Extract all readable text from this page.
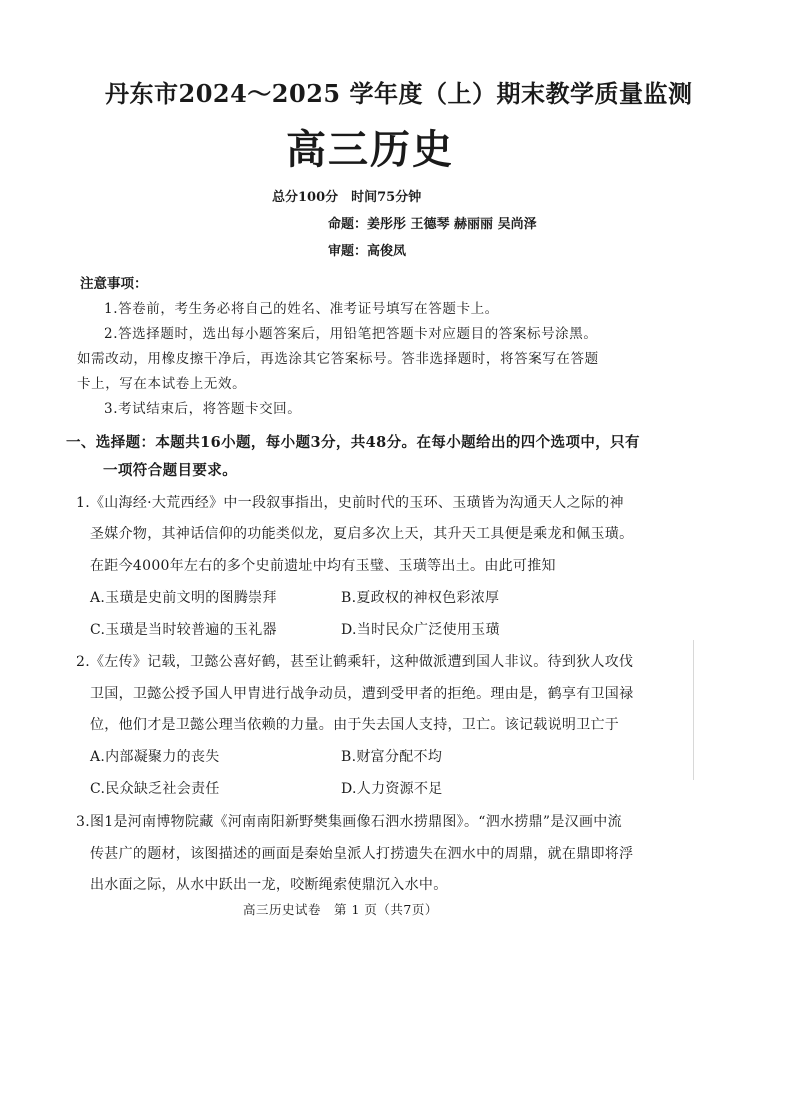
丹东市2024～2025 学年度（上）期末教学质量监测
高三历史
总分100分　时间75分钟
命题：姜彤彤 王德琴 赫丽丽 吴尚泽
审题：高俊凤
注意事项：
1.答卷前，考生务必将自己的姓名、准考证号填写在答题卡上。
2.答选择题时，选出每小题答案后，用铅笔把答题卡对应题目的答案标号涂黑。
如需改动，用橡皮擦干净后，再选涂其它答案标号。答非选择题时，将答案写在答题
卡上，写在本试卷上无效。
3.考试结束后，将答题卡交回。
一、选择题：本题共16小题，每小题3分，共48分。在每小题给出的四个选项中，只有
一项符合题目要求。
1.《山海经·大荒西经》中一段叙事指出，史前时代的玉环、玉璜皆为沟通天人之际的神
圣媒介物，其神话信仰的功能类似龙，夏启多次上天，其升天工具便是乘龙和佩玉璜。
在距今4000年左右的多个史前遗址中均有玉璧、玉璜等出土。由此可推知
A.玉璜是史前文明的图腾崇拜	B.夏政权的神权色彩浓厚
C.玉璜是当时较普遍的玉礼器	D.当时民众广泛使用玉璜
2.《左传》记载，卫懿公喜好鹤，甚至让鹤乘轩，这种做派遭到国人非议。待到狄人攻伐
卫国，卫懿公授予国人甲胄进行战争动员，遭到受甲者的拒绝。理由是，鹤享有卫国禄
位，他们才是卫懿公理当依赖的力量。由于失去国人支持，卫亡。该记载说明卫亡于
A.内部凝聚力的丧失	B.财富分配不均
C.民众缺乏社会责任	D.人力资源不足
3.图1是河南博物院藏《河南南阳新野樊集画像石泗水捞鼎图》。“泗水捞鼎”是汉画中流
传甚广的题材，该图描述的画面是秦始皇派人打捞遗失在泗水中的周鼎，就在鼎即将浮
出水面之际，从水中跃出一龙，咬断绳索使鼎沉入水中。
高三历史试卷　第 1 页（共7页）
